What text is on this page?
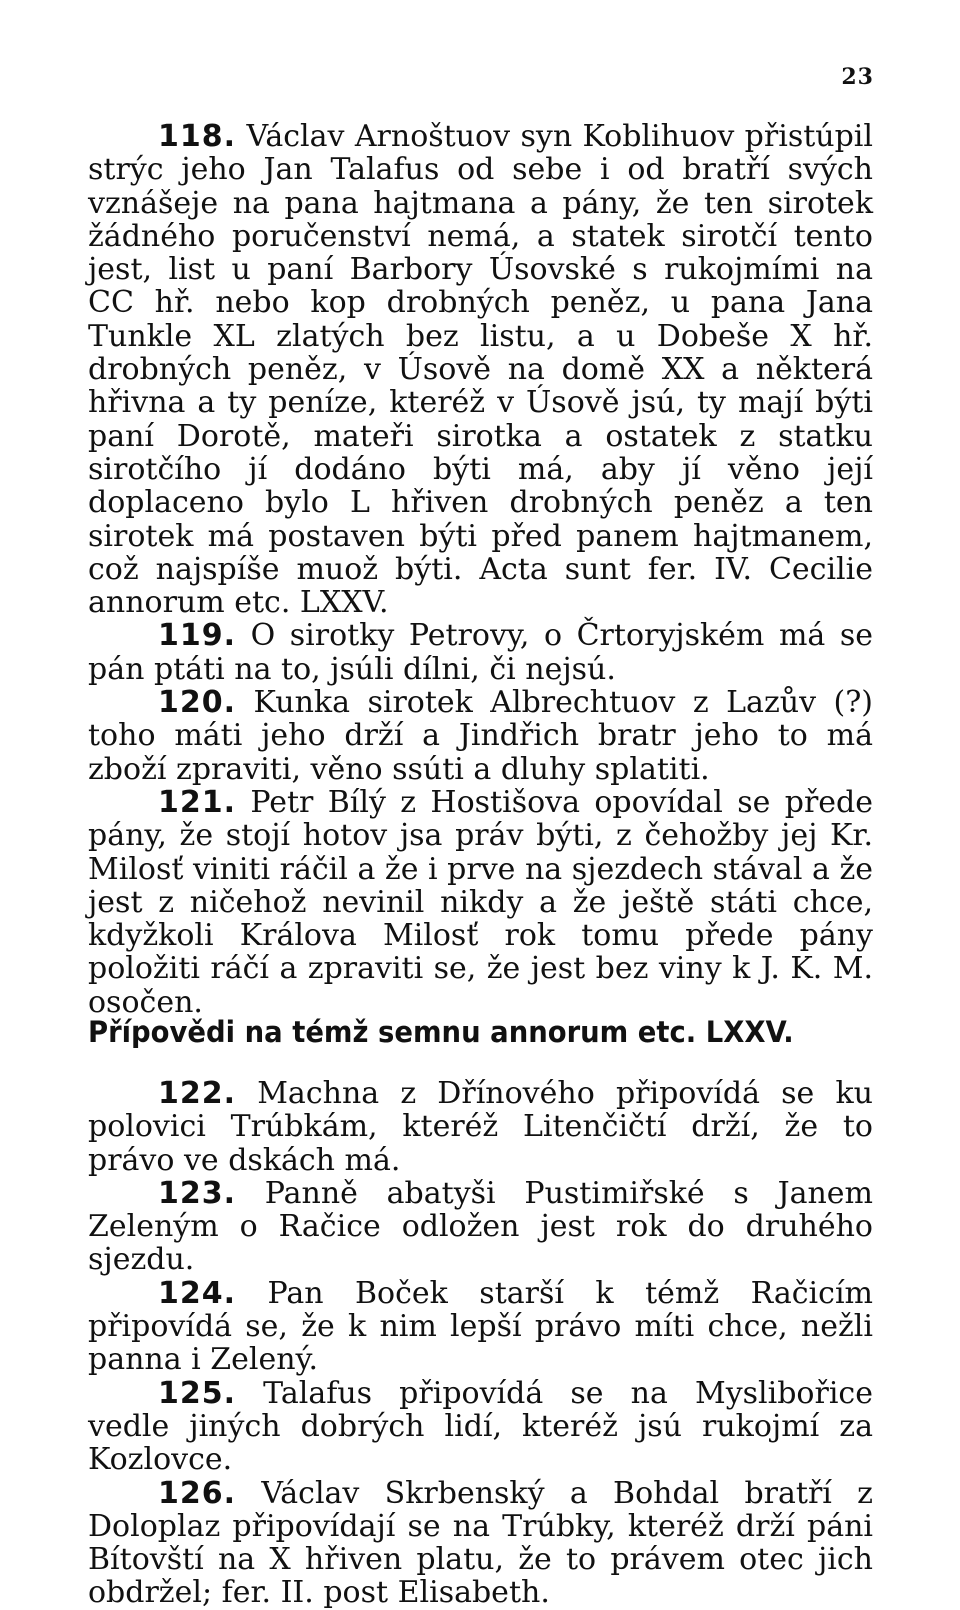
23

118. Václav Arnoštuov syn Koblihuov přistúpil strýc jeho Jan Talafus od sebe i od bratří svých vznášeje na pana hajtmana a pány, že ten sirotek žádného poručenství nemá, a statek sirotčí tento jest, list u paní Barbory Úsovské s rukojmími na CC hř. nebo kop drobných peněz, u pana Jana Tunkle XL zlatých bez listu, a u Dobeše X hř. drobných peněz, v Úsově na domě XX a některá hřivna a ty peníze, kteréž v Úsově jsú, ty mají býti paní Dorotě, mateři sirotka a ostatek z statku sirotčího jí dodáno býti má, aby jí věno její doplaceno bylo L hřiven drobných peněz a ten sirotek má postaven býti před panem hajtmanem, což najspíše muož býti. Acta sunt fer. IV. Cecilie annorum etc. LXXV.

119. O sirotky Petrovy, o Črtoryjském má se pán ptáti na to, jsúli dílni, či nejsú.

120. Kunka sirotek Albrechtuov z Lazův (?) toho máti jeho drží a Jindřich bratr jeho to má zboží zpraviti, věno ssúti a dluhy splatiti.

121. Petr Bílý z Hostišova opovídal se přede pány, že stojí hotov jsa práv býti, z čehožby jej Kr. Milosť viniti ráčil a že i prve na sjezdech stával a že jest z ničehož nevinil nikdy a že ještě státi chce, kdyžkoli Králova Milosť rok tomu přede pány položiti ráčí a zpraviti se, že jest bez viny k J. K. M. osočen.

Přípovědi na témž semnu annorum etc. LXXV.

122. Machna z Dřínového připovídá se ku polovici Trúbkám, kteréž Litenčičtí drží, že to právo ve dskách má.

123. Panně abatyši Pustimiřské s Janem Zeleným o Račice odložen jest rok do druhého sjezdu.

124. Pan Boček starší k témž Račicím připovídá se, že k nim lepší právo míti chce, nežli panna i Zelený.

125. Talafus připovídá se na Myslibořice vedle jiných dobrých lidí, kteréž jsú rukojmí za Kozlovce.

126. Václav Skrbenský a Bohdal bratří z Doloplaz připovídají se na Trúbky, kteréž drží páni Bítovští na X hřiven platu, že to právem otec jich obdržel; fer. II. post Elisabeth.
